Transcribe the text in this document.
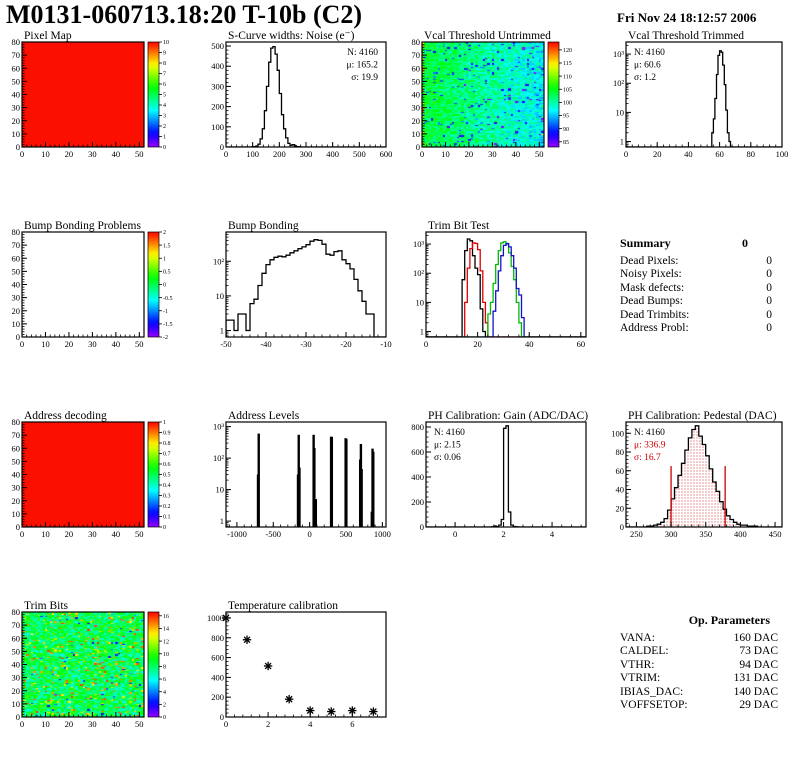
M0131-060713.18:20 T-10b (C2)	Fri Nov 24 18:12:57 2006
Pixel Map
0 10 20 30 40 50
0
10
20
30
40
50
60
70
80
0
1
2
3
4
5
6
7
8
9
10
S-Curve widths: Noise (e⁻)
0 100 200 300 400 500 600
0
100
200
300
400
500
N: 4160
μ: 165.2
σ: 19.9
Vcal Threshold Untrimmed
0 10 20 30 40 50
0
10
20
30
40
50
60
70
80
85
90
95
100
105
110
115
120
Vcal Threshold Trimmed
0	20	40	60	80 100
1
10
10²
10³ N: 4160
μ: 60.6
σ: 1.2
Bump Bonding Problems
0 10 20 30 40 50
0
10
20
30
40
50
60
70
80
-2
-1.5
-1
-0.5
0
0.5
1
1.5
2
Bump Bonding
-50	-40	-30	-20	-10
1
10
10²
Trim Bit Test
0	20	40	60
1
10
10²
10³
Address decoding
0 10 20 30 40 50
0
10
20
30
40
50
60
70
80
0
0.1
0.2
0.3
0.4
0.5
0.6
0.7
0.8
0.9
1
Address Levels
-1000 -500	0	500	1000
1
10
10²
10³
PH Calibration: Gain (ADC/DAC)
0	2	4
0
200
400
600
800
N: 4160
μ: 2.15
σ: 0.06
PH Calibration: Pedestal (DAC)
250	300	350	400	450
0
20
40
60
80
100 N: 4160
μ: 336.9
σ: 16.7
Trim Bits
0 10 20 30 40 50
0
10
20
30
40
50
60
70
80
0
2
4
6
8
10
12
14
16
Temperature calibration
0	2	4	6
0
200
400
600
800
1000
Summary	0
Dead Pixels:	0
Noisy Pixels:	0
Mask defects:	0
Dead Bumps:	0
Dead Trimbits:	0
Address Probl:	0
Op. Parameters
VANA:	160 DAC
CALDEL:	73 DAC
VTHR:	94 DAC
VTRIM:	131 DAC
IBIAS_DAC:	140 DAC
VOFFSETOP:	29 DAC
